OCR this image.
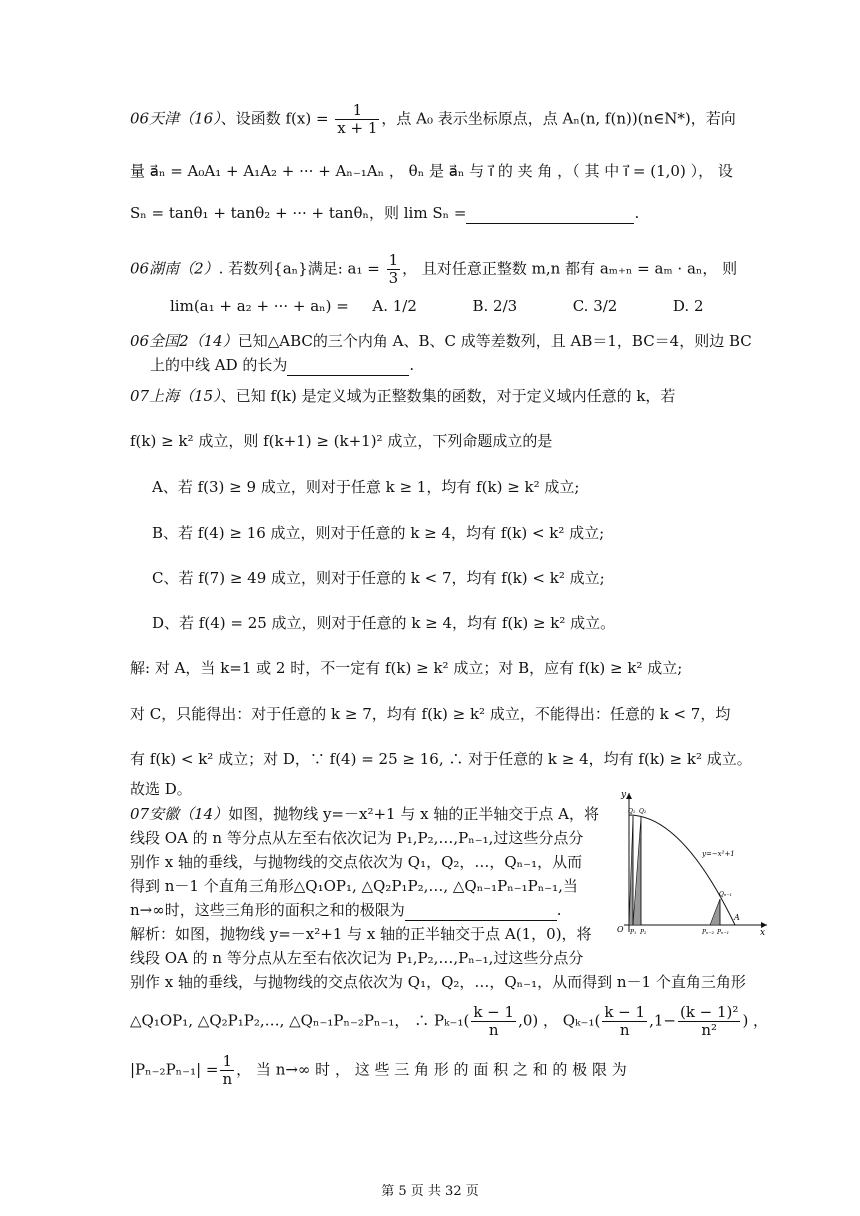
06天津（16）、设函数 $f(x) = \frac{1}{x + 1}$ ，点 A₀ 表示坐标原点，点 Aₙ(n, f(n))(n∈N*)，若向
量 a⃗ₙ = A₀A₁ + A₁A₂ + ··· + Aₙ₋₁Aₙ ， θₙ 是 a⃗ₙ 与 i⃗ 的 夹 角 ，（ 其 中 i⃗ = (1,0) ）， 设
Sₙ = tanθ₁ + tanθ₂ + ··· + tanθₙ，则 lim Sₙ =	.
06湖南（2）. 若数列{aₙ}满足: $a_1 = \frac{1}{3}$ ， 且对任意正整数 m,n 都有 aₘ₊ₙ = aₘ · aₙ， 则
lim(a₁ + a₂ + ··· + aₙ) = A. 1/2	B. 2/3	C. 3/2	D. 2
06全国2（14）已知△ABC的三个内角 A、B、C 成等差数列，且 AB＝1，BC＝4，则边 BC
上的中线 AD 的长为	.
07上海（15）、已知 f(k) 是定义域为正整数集的函数，对于定义域内任意的 k，若
f(k) ≥ k² 成立，则 f(k+1) ≥ (k+1)² 成立，下列命题成立的是
A、若 f(3) ≥ 9 成立，则对于任意 k ≥ 1，均有 f(k) ≥ k² 成立;
B、若 f(4) ≥ 16 成立，则对于任意的 k ≥ 4，均有 f(k) < k² 成立;
C、若 f(7) ≥ 49 成立，则对于任意的 k < 7，均有 f(k) < k² 成立;
D、若 f(4) = 25 成立，则对于任意的 k ≥ 4，均有 f(k) ≥ k² 成立。
解: 对 A，当 k=1 或 2 时，不一定有 f(k) ≥ k² 成立；对 B，应有 f(k) ≥ k² 成立;
对 C，只能得出：对于任意的 k ≥ 7，均有 f(k) ≥ k² 成立，不能得出：任意的 k < 7，均
有 f(k) < k² 成立；对 D，∵ f(4) = 25 ≥ 16, ∴ 对于任意的 k ≥ 4，均有 f(k) ≥ k² 成立。
故选 D。
07安徽（14）如图，抛物线 y=－x²+1 与 x 轴的正半轴交于点 A，将
线段 OA 的 n 等分点从左至右依次记为 P₁,P₂,…,Pₙ₋₁,过这些分点分
别作 x 轴的垂线，与抛物线的交点依次为 Q₁，Q₂，…，Qₙ₋₁，从而
得到 n－1 个直角三角形△Q₁OP₁, △Q₂P₁P₂,…, △Qₙ₋₁Pₙ₋₁Pₙ₋₁,当
n→∞时，这些三角形的面积之和的极限为	.
解析：如图，抛物线 y=－x²+1 与 x 轴的正半轴交于点 A(1，0)，将
线段 OA 的 n 等分点从左至右依次记为 P₁,P₂,…,Pₙ₋₁,过这些分点分
别作 x 轴的垂线，与抛物线的交点依次为 Q₁，Q₂，…，Qₙ₋₁，从而得到 n－1 个直角三角形
△Q₁OP₁, △Q₂P₁P₂,…, △Qₙ₋₁Pₙ₋₂Pₙ₋₁， ∴ $P_{k-1}( \frac{k - 1}{n} ,0)$ ， $Q_{k-1}( \frac{k - 1}{n} ,1- \frac{\text{(k − 1)²}}{\text{n²}}$ ) ，
$|P_{n-2}P_{n-1}| = \frac{1}{n}$ ， 当 n→∞ 时 ， 这 些 三 角 形 的 面 积 之 和 的 极 限 为
y
x
O
A
Q₁ Q₂
Qₙ₋₁
P₁ P₂	Pₙ₋₂ Pₙ₋₁
y=−x²+1
第 5 页 共 32 页
